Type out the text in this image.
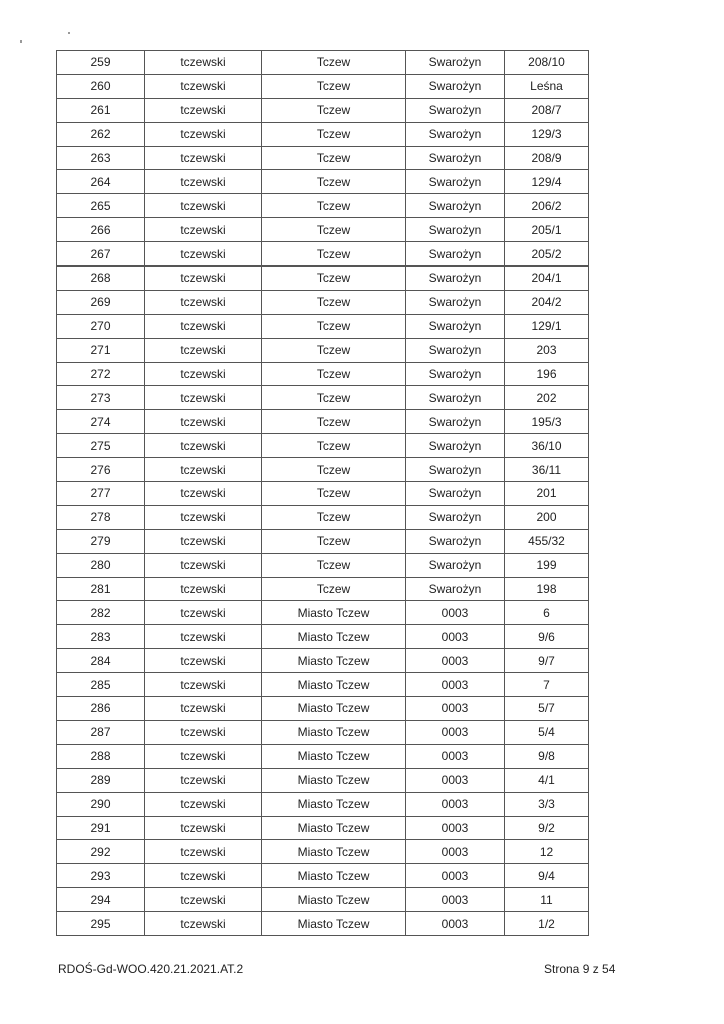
259	tczewski	Tczew	Swarożyn	208/10
260	tczewski	Tczew	Swarożyn	Leśna
261	tczewski	Tczew	Swarożyn	208/7
262	tczewski	Tczew	Swarożyn	129/3
263	tczewski	Tczew	Swarożyn	208/9
264	tczewski	Tczew	Swarożyn	129/4
265	tczewski	Tczew	Swarożyn	206/2
266	tczewski	Tczew	Swarożyn	205/1
267	tczewski	Tczew	Swarożyn	205/2
268	tczewski	Tczew	Swarożyn	204/1
269	tczewski	Tczew	Swarożyn	204/2
270	tczewski	Tczew	Swarożyn	129/1
271	tczewski	Tczew	Swarożyn	203
272	tczewski	Tczew	Swarożyn	196
273	tczewski	Tczew	Swarożyn	202
274	tczewski	Tczew	Swarożyn	195/3
275	tczewski	Tczew	Swarożyn	36/10
276	tczewski	Tczew	Swarożyn	36/11
277	tczewski	Tczew	Swarożyn	201
278	tczewski	Tczew	Swarożyn	200
279	tczewski	Tczew	Swarożyn	455/32
280	tczewski	Tczew	Swarożyn	199
281	tczewski	Tczew	Swarożyn	198
282	tczewski	Miasto Tczew	0003	6
283	tczewski	Miasto Tczew	0003	9/6
284	tczewski	Miasto Tczew	0003	9/7
285	tczewski	Miasto Tczew	0003	7
286	tczewski	Miasto Tczew	0003	5/7
287	tczewski	Miasto Tczew	0003	5/4
288	tczewski	Miasto Tczew	0003	9/8
289	tczewski	Miasto Tczew	0003	4/1
290	tczewski	Miasto Tczew	0003	3/3
291	tczewski	Miasto Tczew	0003	9/2
292	tczewski	Miasto Tczew	0003	12
293	tczewski	Miasto Tczew	0003	9/4
294	tczewski	Miasto Tczew	0003	11
295	tczewski	Miasto Tczew	0003	1/2
RDOŚ-Gd-WOO.420.21.2021.AT.2	Strona 9 z 54
